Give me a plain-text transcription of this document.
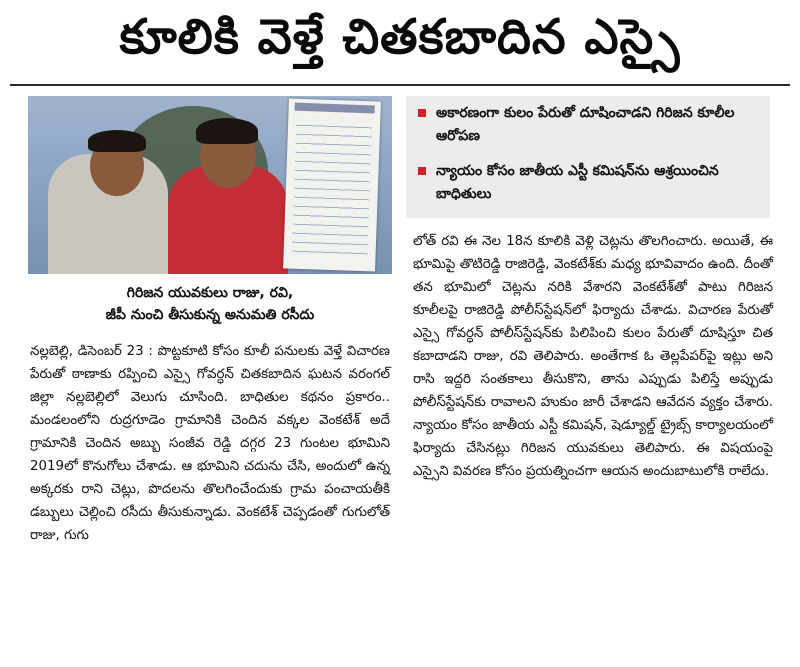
కూలికి వెళ్తే చితకబాదిన ఎస్సై
గిరిజన యువకులు రాజు, రవి,
జీపీ నుంచి తీసుకున్న అనుమతి రసీదు
అకారణంగా కులం పేరుతో దూషించాడని గిరిజన కూలీల ఆరోపణ
న్యాయం కోసం జాతీయ ఎస్టీ కమిషన్‌ను ఆశ్రయించిన బాధితులు

లోత్ రవి ఈ నెల 18న కూలికి వెళ్లి చెట్లను తొలగించారు. అయితే, ఈ భూమిపై తొటిరెడ్డి రాజిరెడ్డి, వెంకటేశ్‌కు మధ్య భూవివాదం ఉంది. దీంతో తన భూమిలో చెట్లను నరికి వేశారని వెంకటేశ్‌తో పాటు గిరిజన కూలీలపై రాజిరెడ్డి పోలీస్‌స్టేషన్‌లో ఫిర్యాదు చేశాడు. విచారణ పేరుతో ఎస్సై గోవర్ధన్ పోలీస్‌స్టేషన్‌కు పిలిపించి కులం పేరుతో దూషిస్తూ చిత కబాదాడని రాజు, రవి తెలిపారు. అంతేగాక ఓ తెల్లపేపర్‌పై ఇట్లు అని రాసి ఇద్దరి సంతకాలు తీసుకొని, తాను ఎప్పుడు పిలిస్తే అప్పుడు పోలీస్‌స్టేషన్‌కు రావాలని హుకుం జారీ చేశాడని ఆవేదన వ్యక్తం చేశారు. న్యాయం కోసం జాతీయ ఎస్టీ కమిషన్, షెడ్యూల్డ్ ట్రైబ్స్ కార్యాలయంలో ఫిర్యాదు చేసినట్లు గిరిజన యువకులు తెలిపారు. ఈ విషయంపై ఎస్సైని వివరణ కోసం ప్రయత్నించగా ఆయన అందుబాటులోకి రాలేదు.

నల్లబెల్లి, డిసెంబర్ 23 : పొట్టకూటి కోసం కూలీ పనులకు వెళ్తే విచారణ పేరుతో ఠాణాకు రప్పించి ఎస్సై గోవర్ధన్ చితకబాదిన ఘటన వరంగల్ జిల్లా నల్లబెల్లిలో వెలుగు చూసింది. బాధితుల కథనం ప్రకారం.. మండలంలోని రుద్రగూడెం గ్రామానికి చెందిన వక్కల వెంకటేశ్ అదే గ్రామానికి చెందిన అబ్బు సంజీవ రెడ్డి దగ్గర 23 గుంటల భూమిని 2019లో కొనుగోలు చేశాడు. ఆ భూమిని చదును చేసి, అందులో ఉన్న అక్కరకు రాని చెట్లు, పొదలను తొలగించేందుకు గ్రామ పంచాయతీకి డబ్బులు చెల్లించి రసీదు తీసుకున్నాడు. వెంకటేశ్ చెప్పడంతో గుగులోత్ రాజు, గుగు
